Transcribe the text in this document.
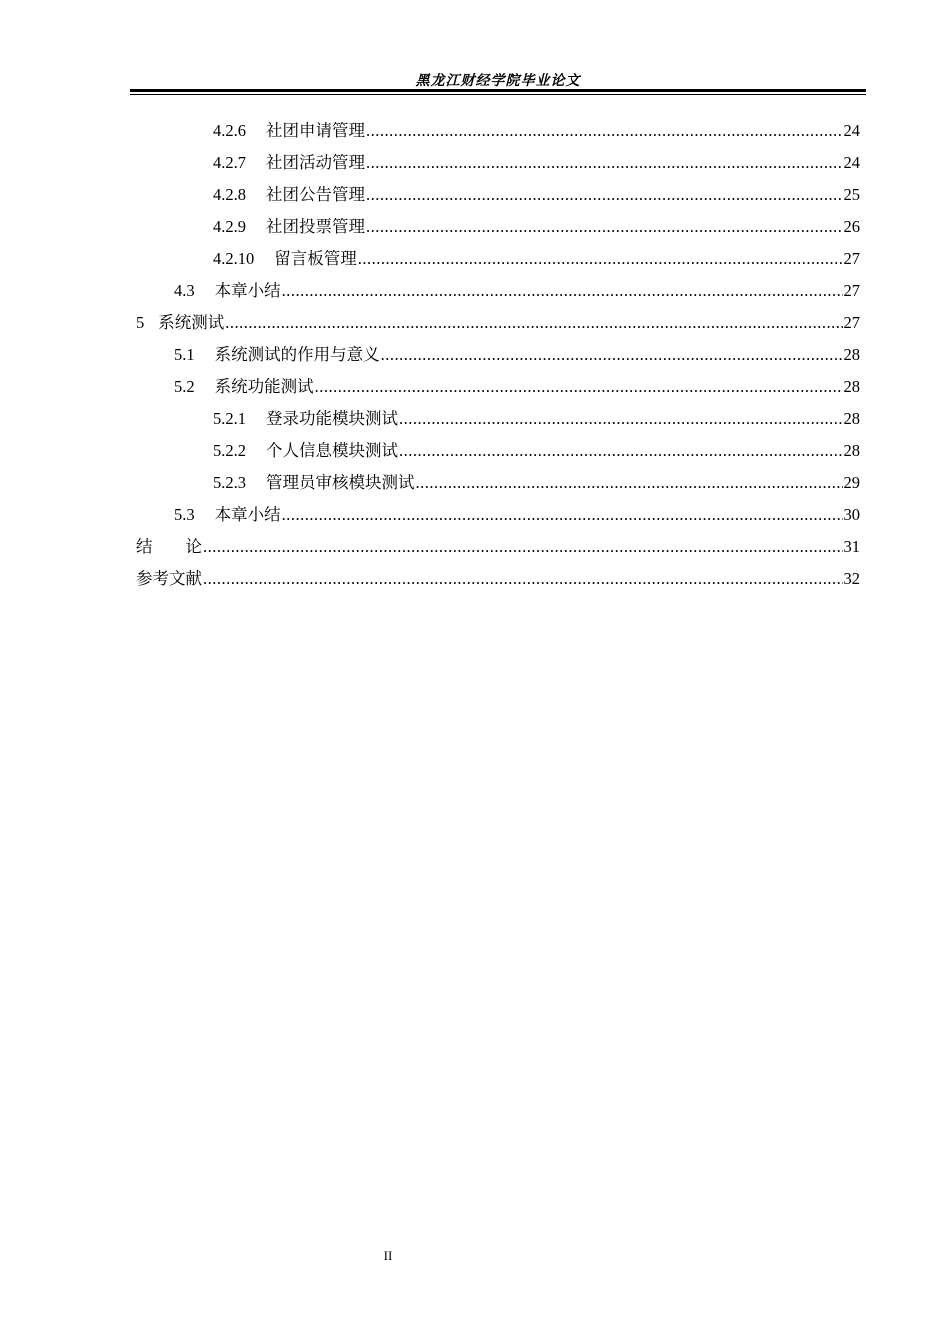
黑龙江财经学院毕业论文
4.2.6 社团申请管理 .....	24
4.2.7 社团活动管理 .....	24
4.2.8 社团公告管理 .....	25
4.2.9 社团投票管理 .....	26
4.2.10 留言板管理 .....	27
4.3 本章小结 .....	27
5 系统测试 .....	27
5.1 系统测试的作用与意义 .....	28
5.2 系统功能测试 .....	28
5.2.1 登录功能模块测试 .....	28
5.2.2 个人信息模块测试 .....	28
5.2.3 管理员审核模块测试 .....	29
5.3 本章小结 .....	30
结　　论 .....	31
参考文献 .....	32
II
